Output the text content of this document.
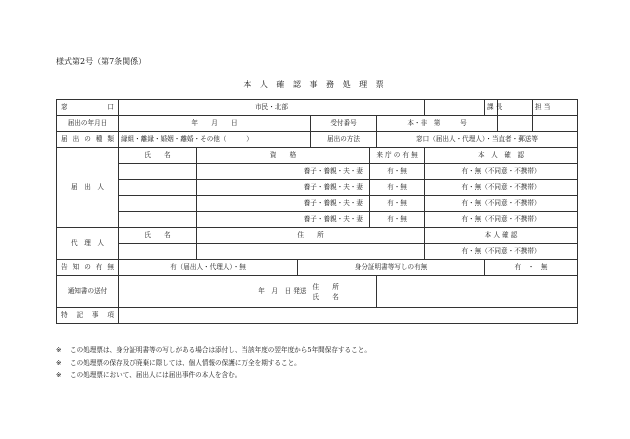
様式第2号（第7条関係）
本 人 確 認 事 務 処 理 票
窓　　　口	市民・北部							課 長		担 当	
届出の年月日	年　　月　　日			受付番号		本・非　第　　　号					
届出の種類	縁組・離縁・婚姻・離婚・その他（　　　）			届出の方法		窓口（届出人・代理人）・当直者・郵送等					
届　出　人	氏　　名	資　　格			来 庁 の 有 無		本　人　確　認	
		養子・養親・夫・妻			有・無		有・無（不同意・不携帯）	
		養子・養親・夫・妻			有・無		有・無（不同意・不携帯）	
		養子・養親・夫・妻			有・無		有・無（不同意・不携帯）	
		養子・養親・夫・妻			有・無		有・無（不同意・不携帯）	
代　理　人	氏　　名	住　　所					本 人 確 認	
							有・無（不同意・不携帯）				
告知の有無	有（届出人・代理人）・無		身分証明書等写しの有無					有　・　無			
通知書の送付	年　月　日 発送			住　　所
氏　　名							
特記事項											
※ この処理票は、身分証明書等の写しがある場合は添付し、当該年度の翌年度から5年間保存すること。
※ この処理票の保存及び廃棄に際しては、個人情報の保護に万全を期すること。
※ この処理票において、届出人には届出事件の本人を含む。
